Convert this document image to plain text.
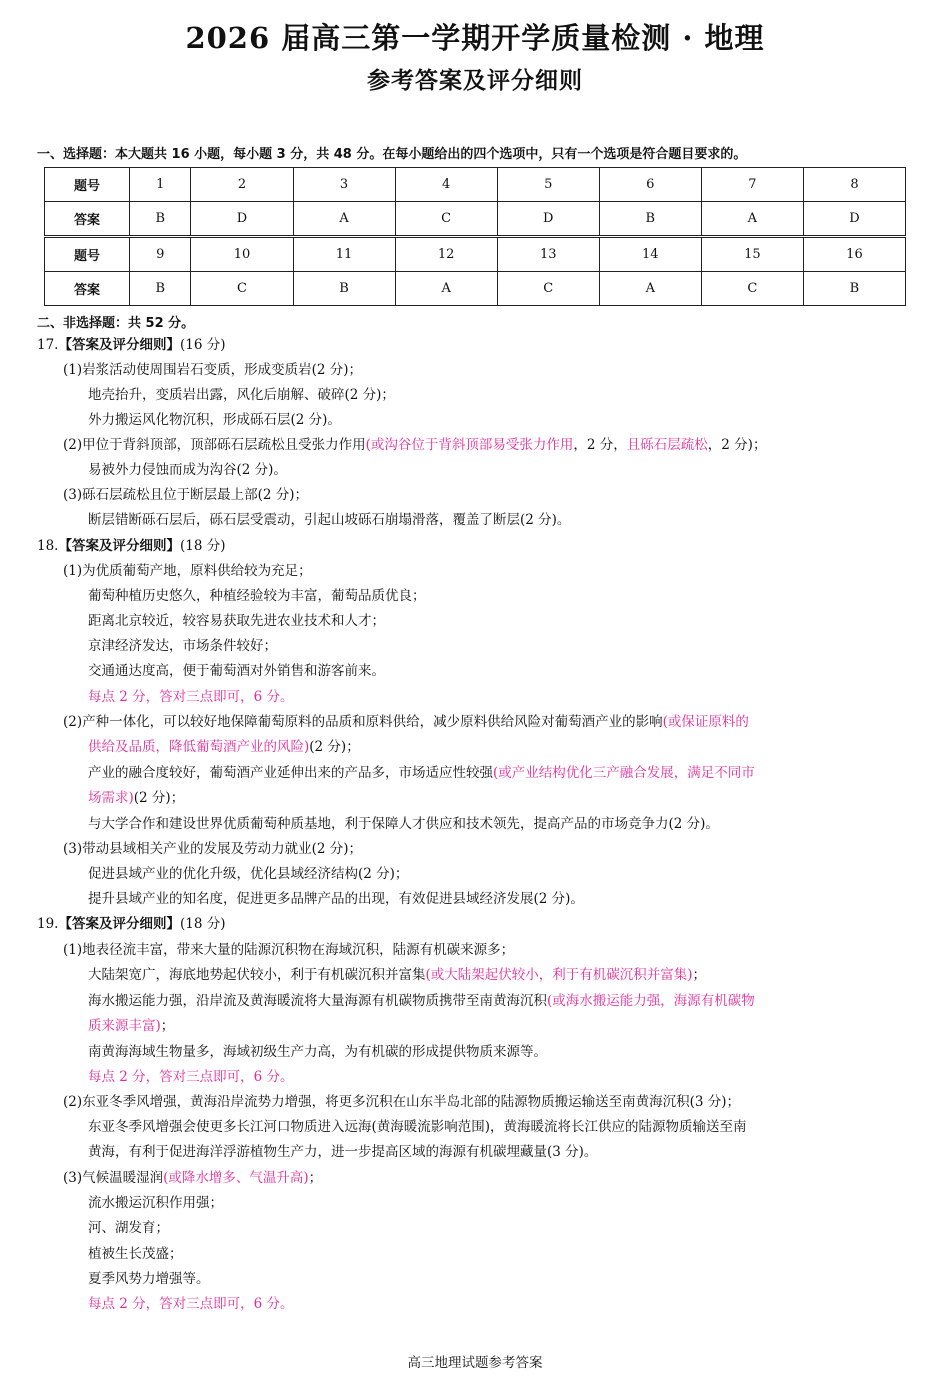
2026 届高三第一学期开学质量检测 · 地理
参考答案及评分细则
一、选择题：本大题共 16 小题，每小题 3 分，共 48 分。在每小题给出的四个选项中，只有一个选项是符合题目要求的。
题号	1	2	3	4	5	6	7	8
答案	B	D	A	C	D	B	A	D
题号	9	10	11	12	13	14	15	16
答案	B	C	B	A	C	A	C	B
二、非选择题：共 52 分。
17.【答案及评分细则】(16 分)
(1)岩浆活动使周围岩石变质，形成变质岩(2 分)；
地壳抬升，变质岩出露，风化后崩解、破碎(2 分)；
外力搬运风化物沉积，形成砾石层(2 分)。
(2)甲位于背斜顶部，顶部砾石层疏松且受张力作用(或沟谷位于背斜顶部易受张力作用，2 分，且砾石层疏松，2 分)；
易被外力侵蚀而成为沟谷(2 分)。
(3)砾石层疏松且位于断层最上部(2 分)；
断层错断砾石层后，砾石层受震动，引起山坡砾石崩塌滑落，覆盖了断层(2 分)。
18.【答案及评分细则】(18 分)
(1)为优质葡萄产地，原料供给较为充足；
葡萄种植历史悠久，种植经验较为丰富，葡萄品质优良；
距离北京较近，较容易获取先进农业技术和人才；
京津经济发达，市场条件较好；
交通通达度高，便于葡萄酒对外销售和游客前来。
每点 2 分，答对三点即可，6 分。
(2)产种一体化，可以较好地保障葡萄原料的品质和原料供给，减少原料供给风险对葡萄酒产业的影响(或保证原料的
供给及品质，降低葡萄酒产业的风险)(2 分)；
产业的融合度较好，葡萄酒产业延伸出来的产品多，市场适应性较强(或产业结构优化三产融合发展，满足不同市
场需求)(2 分)；
与大学合作和建设世界优质葡萄种质基地，利于保障人才供应和技术领先，提高产品的市场竞争力(2 分)。
(3)带动县域相关产业的发展及劳动力就业(2 分)；
促进县域产业的优化升级，优化县域经济结构(2 分)；
提升县域产业的知名度，促进更多品牌产品的出现，有效促进县域经济发展(2 分)。
19.【答案及评分细则】(18 分)
(1)地表径流丰富，带来大量的陆源沉积物在海域沉积，陆源有机碳来源多；
大陆架宽广，海底地势起伏较小，利于有机碳沉积并富集(或大陆架起伏较小，利于有机碳沉积并富集)；
海水搬运能力强，沿岸流及黄海暖流将大量海源有机碳物质携带至南黄海沉积(或海水搬运能力强，海源有机碳物
质来源丰富)；
南黄海海域生物量多，海域初级生产力高，为有机碳的形成提供物质来源等。
每点 2 分，答对三点即可，6 分。
(2)东亚冬季风增强，黄海沿岸流势力增强，将更多沉积在山东半岛北部的陆源物质搬运输送至南黄海沉积(3 分)；
东亚冬季风增强会使更多长江河口物质进入远海(黄海暖流影响范围)，黄海暖流将长江供应的陆源物质输送至南
黄海，有利于促进海洋浮游植物生产力，进一步提高区域的海源有机碳埋藏量(3 分)。
(3)气候温暖湿润(或降水增多、气温升高)；
流水搬运沉积作用强；
河、湖发育；
植被生长茂盛；
夏季风势力增强等。
每点 2 分，答对三点即可，6 分。
高三地理试题参考答案
